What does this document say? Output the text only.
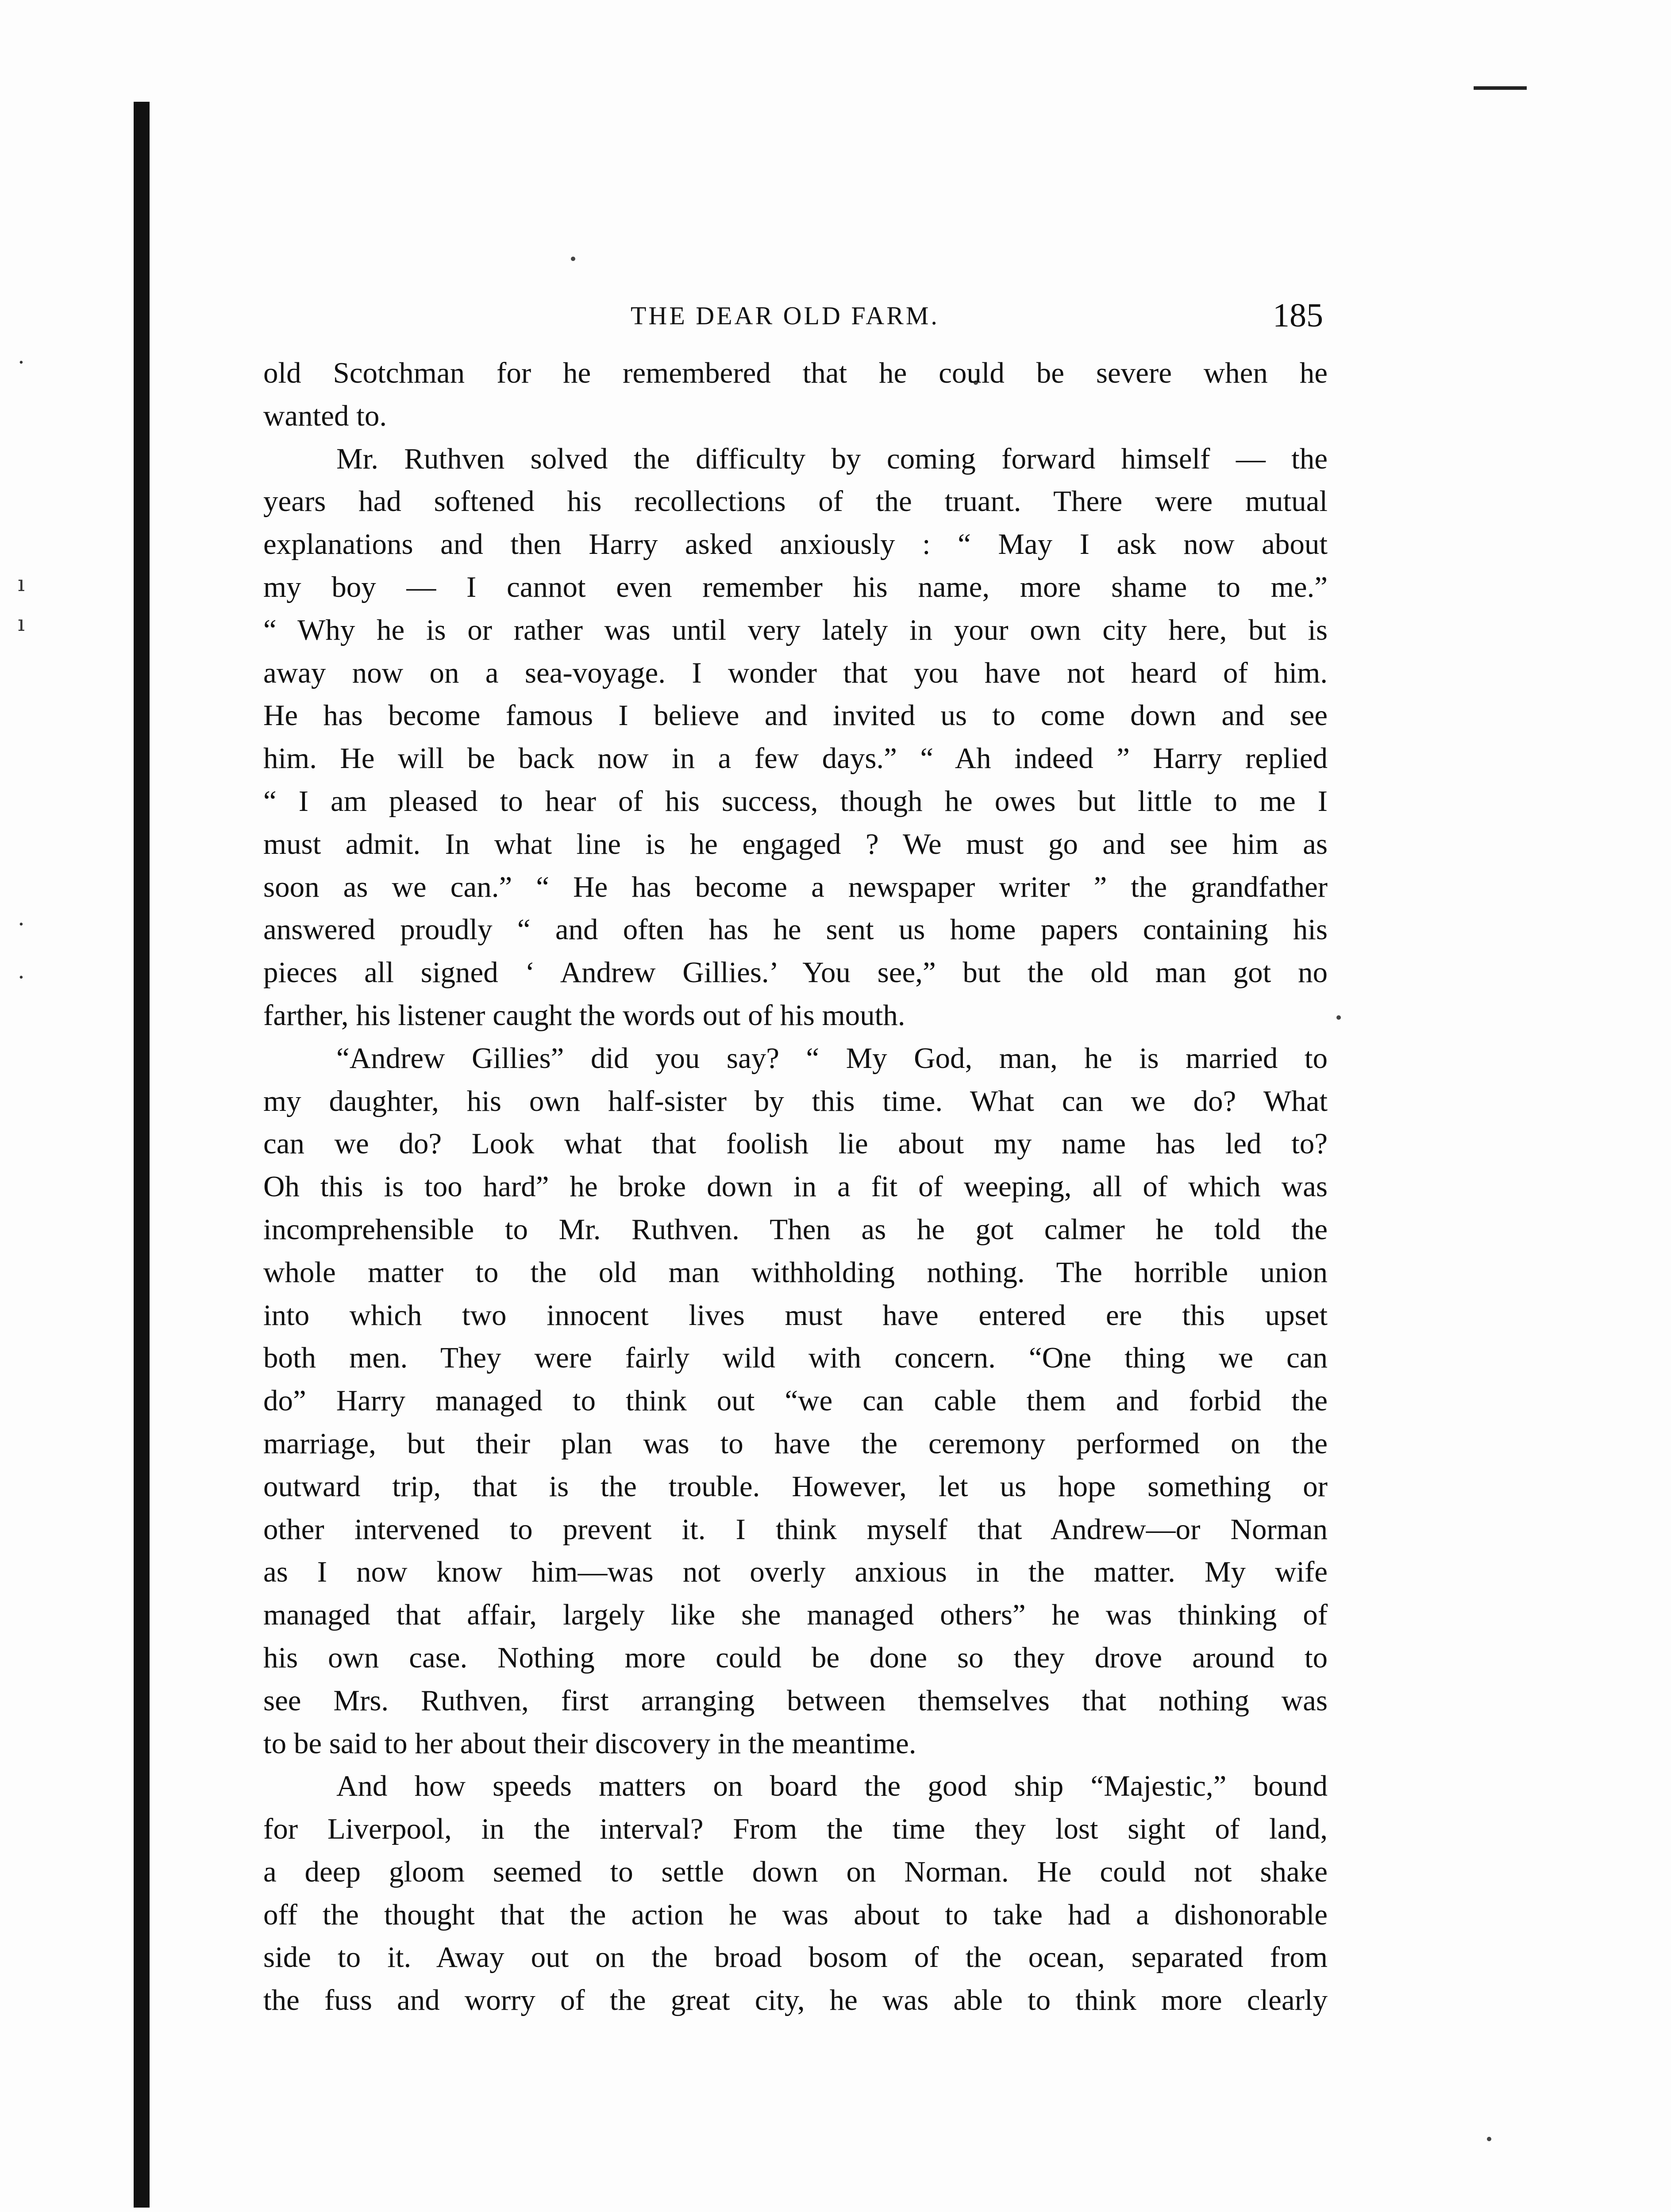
·
ı
ı
·
·
THE DEAR OLD FARM.	185
old Scotchman for he remembered that he could be severe when he
wanted to.
Mr. Ruthven solved the difficulty by coming forward himself — the
years had softened his recollections of the truant. There were mutual
explanations and then Harry asked anxiously : “ May I ask now about
my boy — I cannot even remember his name, more shame to me.”
“ Why he is or rather was until very lately in your own city here, but is
away now on a sea-voyage. I wonder that you have not heard of him.
He has become famous I believe and invited us to come down and see
him. He will be back now in a few days.” “ Ah indeed ” Harry replied
“ I am pleased to hear of his success, though he owes but little to me I
must admit. In what line is he engaged ? We must go and see him as
soon as we can.” “ He has become a newspaper writer ” the grandfather
answered proudly “ and often has he sent us home papers containing his
pieces all signed ‘ Andrew Gillies.’ You see,” but the old man got no
farther, his listener caught the words out of his mouth.
“Andrew Gillies” did you say? “ My God, man, he is married to
my daughter, his own half-sister by this time. What can we do? What
can we do? Look what that foolish lie about my name has led to?
Oh this is too hard” he broke down in a fit of weeping, all of which was
incomprehensible to Mr. Ruthven. Then as he got calmer he told the
whole matter to the old man withholding nothing. The horrible union
into which two innocent lives must have entered ere this upset
both men. They were fairly wild with concern. “One thing we can
do” Harry managed to think out “we can cable them and forbid the
marriage, but their plan was to have the ceremony performed on the
outward trip, that is the trouble. However, let us hope something or
other intervened to prevent it. I think myself that Andrew—or Norman
as I now know him—was not overly anxious in the matter. My wife
managed that affair, largely like she managed others” he was thinking of
his own case. Nothing more could be done so they drove around to
see Mrs. Ruthven, first arranging between themselves that nothing was
to be said to her about their discovery in the meantime.
And how speeds matters on board the good ship “Majestic,” bound
for Liverpool, in the interval? From the time they lost sight of land,
a deep gloom seemed to settle down on Norman. He could not shake
off the thought that the action he was about to take had a dishonorable
side to it. Away out on the broad bosom of the ocean, separated from
the fuss and worry of the great city, he was able to think more clearly
